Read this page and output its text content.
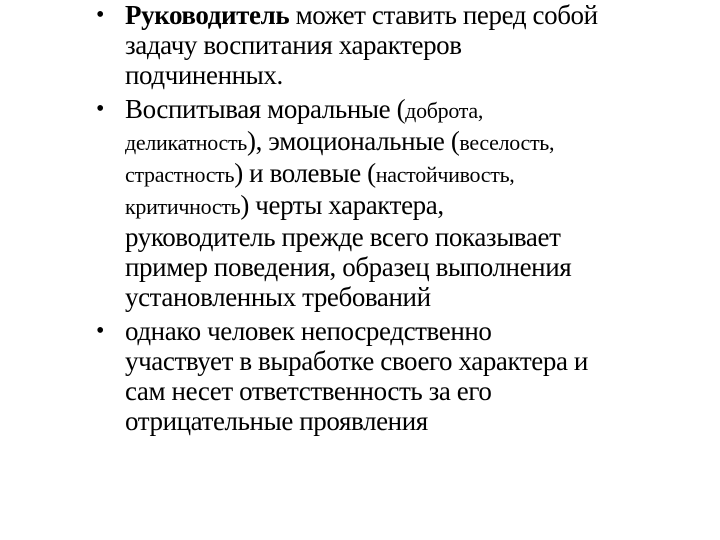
• Руководитель может ставить перед собой
задачу воспитания характеров
подчиненных.
• Воспитывая моральные (доброта,
деликатность), эмоциональные (веселость,
страстность) и волевые (настойчивость,
критичность) черты характера,
руководитель прежде всего показывает
пример поведения, образец выполнения
установленных требований
• однако человек непосредственно
участвует в выработке своего характера и
сам несет ответственность за его
отрицательные проявления
